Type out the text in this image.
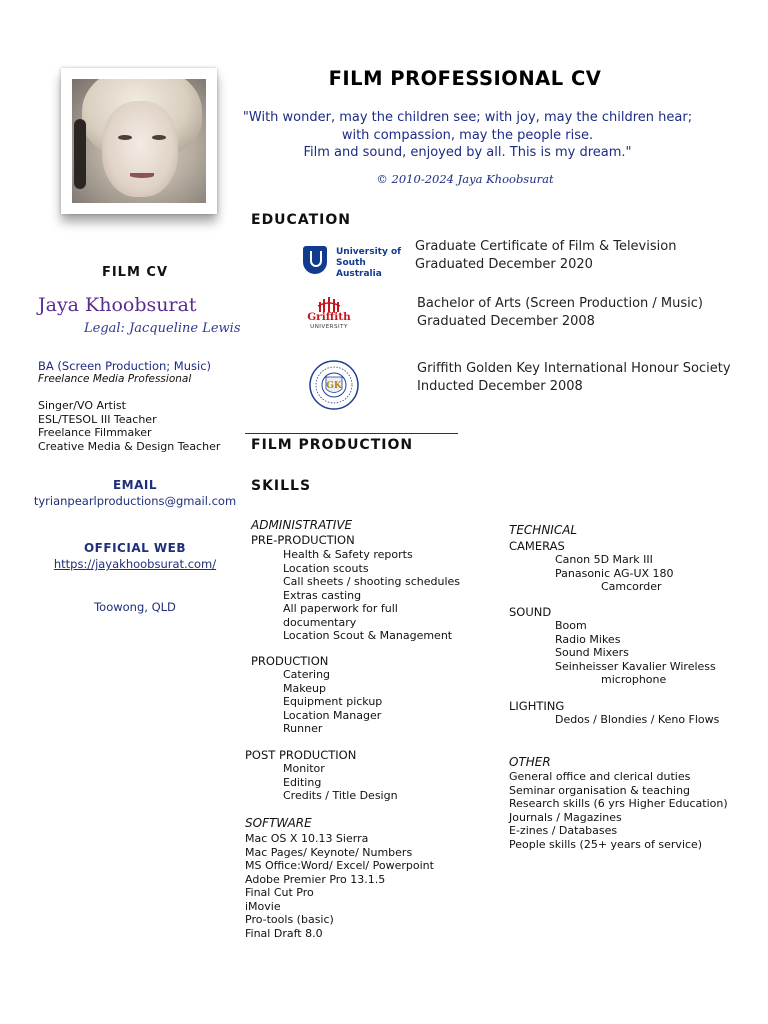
FILM CV
Jaya Khoobsurat
Legal: Jacqueline Lewis
BA (Screen Production; Music)
Freelance Media Professional
Singer/VO Artist
ESL/TESOL III Teacher
Freelance Filmmaker
Creative Media & Design Teacher
EMAIL
tyrianpearlproductions@gmail.com
OFFICIAL WEB
https://jayakhoobsurat.com/
Toowong, QLD
FILM PROFESSIONAL CV
"With wonder, may the children see; with joy, may the children hear;
with compassion, may the people rise.
Film and sound, enjoyed by all. This is my dream."
© 2010-2024 Jaya Khoobsurat
EDUCATION
University of
South Australia
Graduate Certificate of Film & Television
Graduated December 2020
Griffith
UNIVERSITY
Bachelor of Arts (Screen Production / Music)
Graduated December 2008
GK
Griffith Golden Key International Honour Society
Inducted December 2008
FILM PRODUCTION
SKILLS
ADMINISTRATIVE
PRE-PRODUCTION
Health & Safety reports
Location scouts
Call sheets / shooting schedules
Extras casting
All paperwork for full
documentary
Location Scout & Management
PRODUCTION
Catering
Makeup
Equipment pickup
Location Manager
Runner
POST PRODUCTION
Monitor
Editing
Credits / Title Design
SOFTWARE
Mac OS X 10.13 Sierra
Mac Pages/ Keynote/ Numbers
MS Office:Word/ Excel/ Powerpoint
Adobe Premier Pro 13.1.5
Final Cut Pro
iMovie
Pro-tools (basic)
Final Draft 8.0
TECHNICAL
CAMERAS
Canon 5D Mark III
Panasonic AG-UX 180
Camcorder
SOUND
Boom
Radio Mikes
Sound Mixers
Seinheisser Kavalier Wireless
microphone
LIGHTING
Dedos / Blondies / Keno Flows
OTHER
General office and clerical duties
Seminar organisation & teaching
Research skills (6 yrs Higher Education)
Journals / Magazines
E-zines / Databases
People skills (25+ years of service)
